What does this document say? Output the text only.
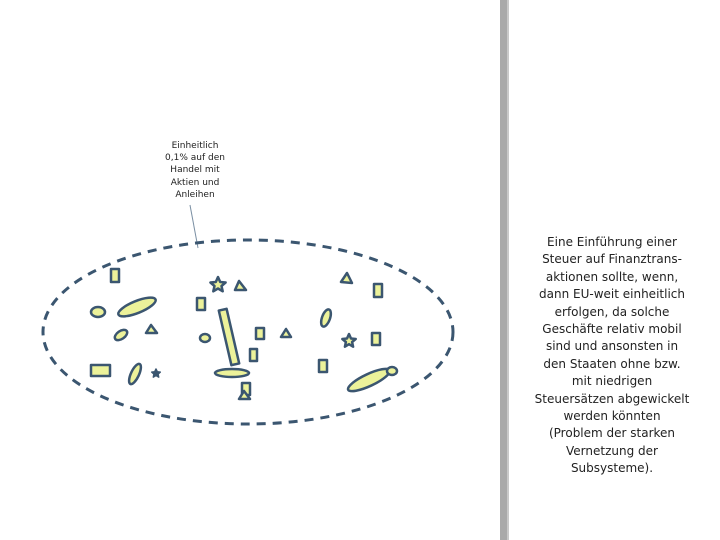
Einheitlich
0,1% auf den
Handel mit
Aktien und
Anleihen
Eine Einführung einer
Steuer auf Finanztrans-
aktionen sollte, wenn,
dann EU-weit einheitlich
erfolgen, da solche
Geschäfte relativ mobil
sind und ansonsten in
den Staaten ohne bzw.
mit niedrigen
Steuersätzen abgewickelt
werden könnten
(Problem der starken
Vernetzung der
Subsysteme).
